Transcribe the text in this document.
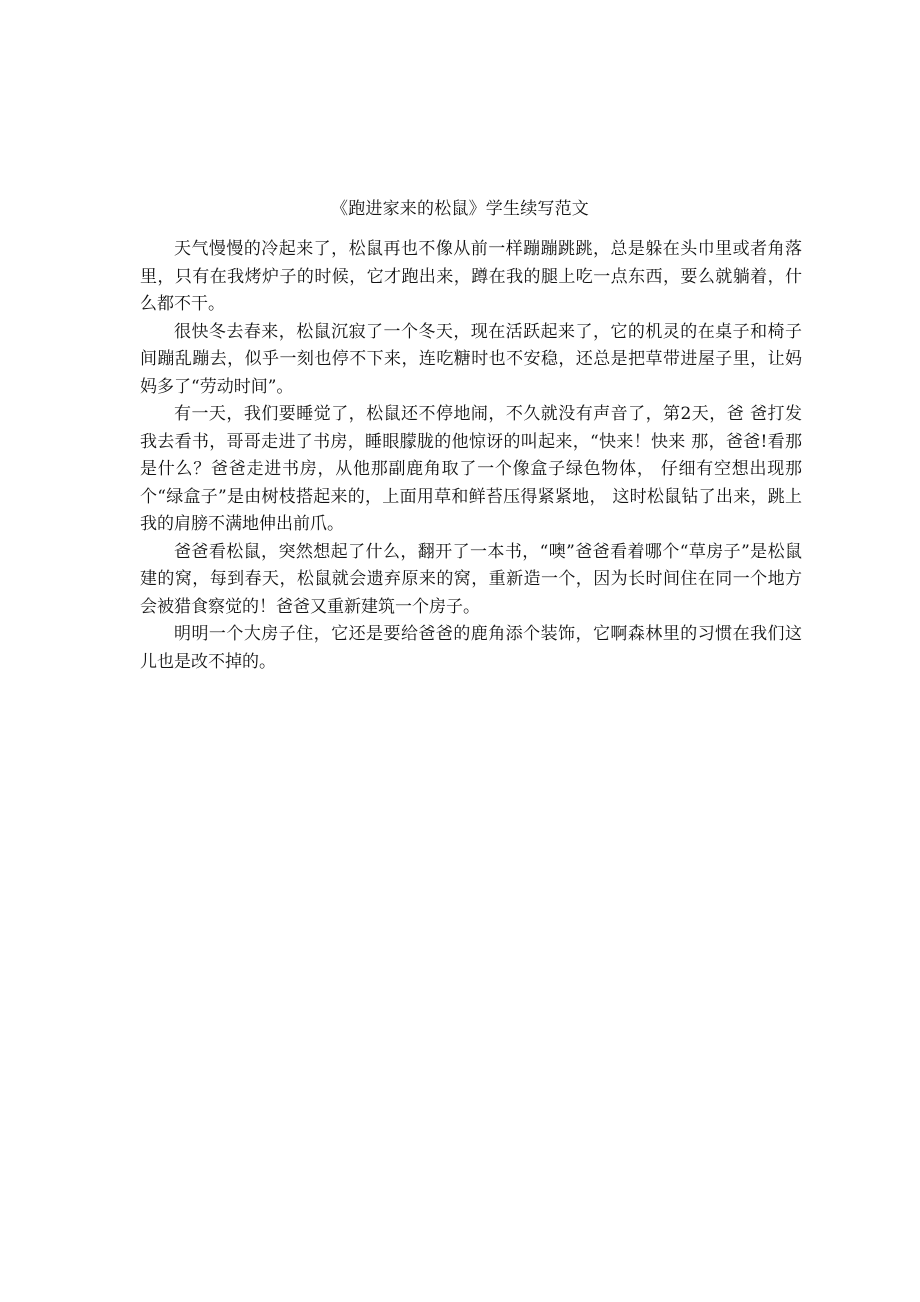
《跑进家来的松鼠》学生续写范文

天气慢慢的冷起来了，松鼠再也不像从前一样蹦蹦跳跳，总是躲在头巾里或者角落里，只有在我烤炉子的时候，它才跑出来，蹲在我的腿上吃一点东西，要么就躺着，什么都不干。

很快冬去春来，松鼠沉寂了一个冬天，现在活跃起来了，它的机灵的在桌子和椅子间蹦乱蹦去，似乎一刻也停不下来，连吃糖时也不安稳，还总是把草带进屋子里，让妈妈多了“劳动时间”。

有一天，我们要睡觉了，松鼠还不停地闹，不久就没有声音了，第2天，爸 爸打发我去看书，哥哥走进了书房，睡眼朦胧的他惊讶的叫起来，“快来！快来 那，爸爸!看那是什么？爸爸走进书房，从他那副鹿角取了一个像盒子绿色物体， 仔细有空想出现那个“绿盒子”是由树枝搭起来的，上面用草和鲜苔压得紧紧地， 这时松鼠钻了出来，跳上我的肩膀不满地伸出前爪。

爸爸看松鼠，突然想起了什么，翻开了一本书，“噢”爸爸看着哪个“草房子”是松鼠建的窝，每到春天，松鼠就会遗弃原来的窝，重新造一个，因为长时间住在同一个地方会被猎食察觉的！爸爸又重新建筑一个房子。

明明一个大房子住，它还是要给爸爸的鹿角添个装饰，它啊森林里的习惯在我们这儿也是改不掉的。
